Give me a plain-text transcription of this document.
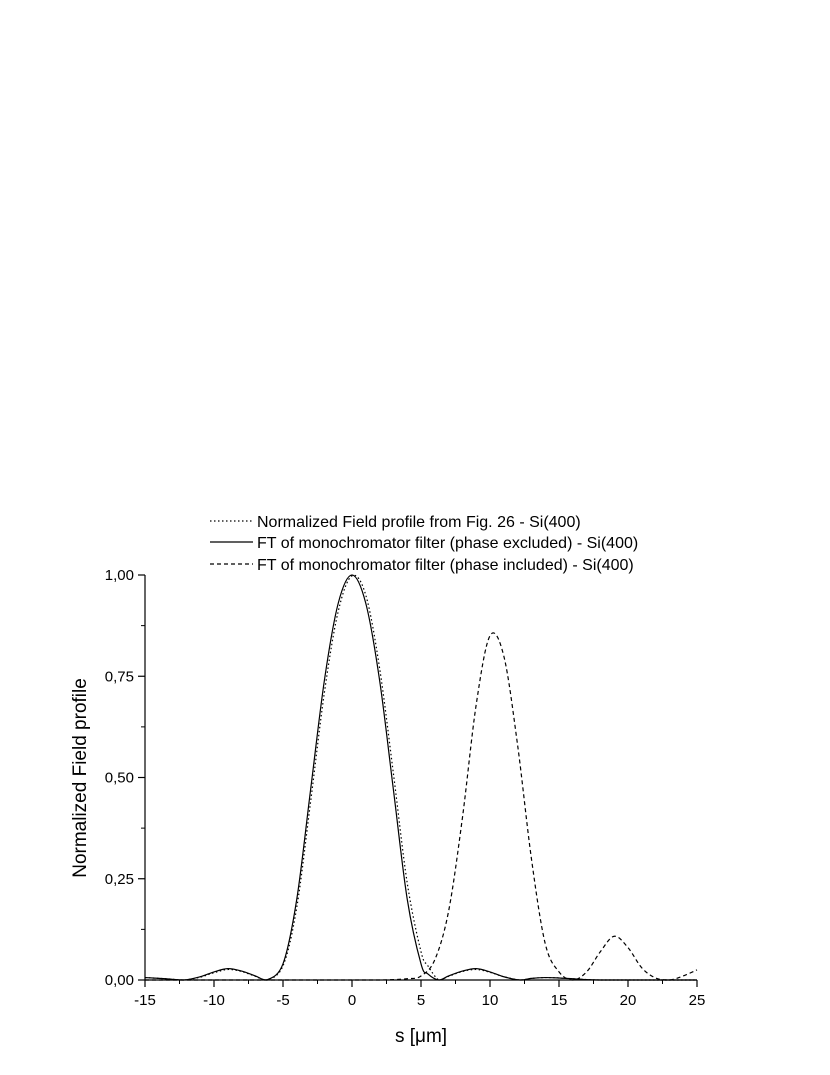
Normalized Field profile from Fig. 26 - Si(400)
FT of monochromator filter (phase excluded) - Si(400)
FT of monochromator filter (phase included) - Si(400)
-15	-10	-5	0	5	10	15	20	25
0,00
0,25
0,50
0,75
1,00
s [μm]
Normalized Field profile
